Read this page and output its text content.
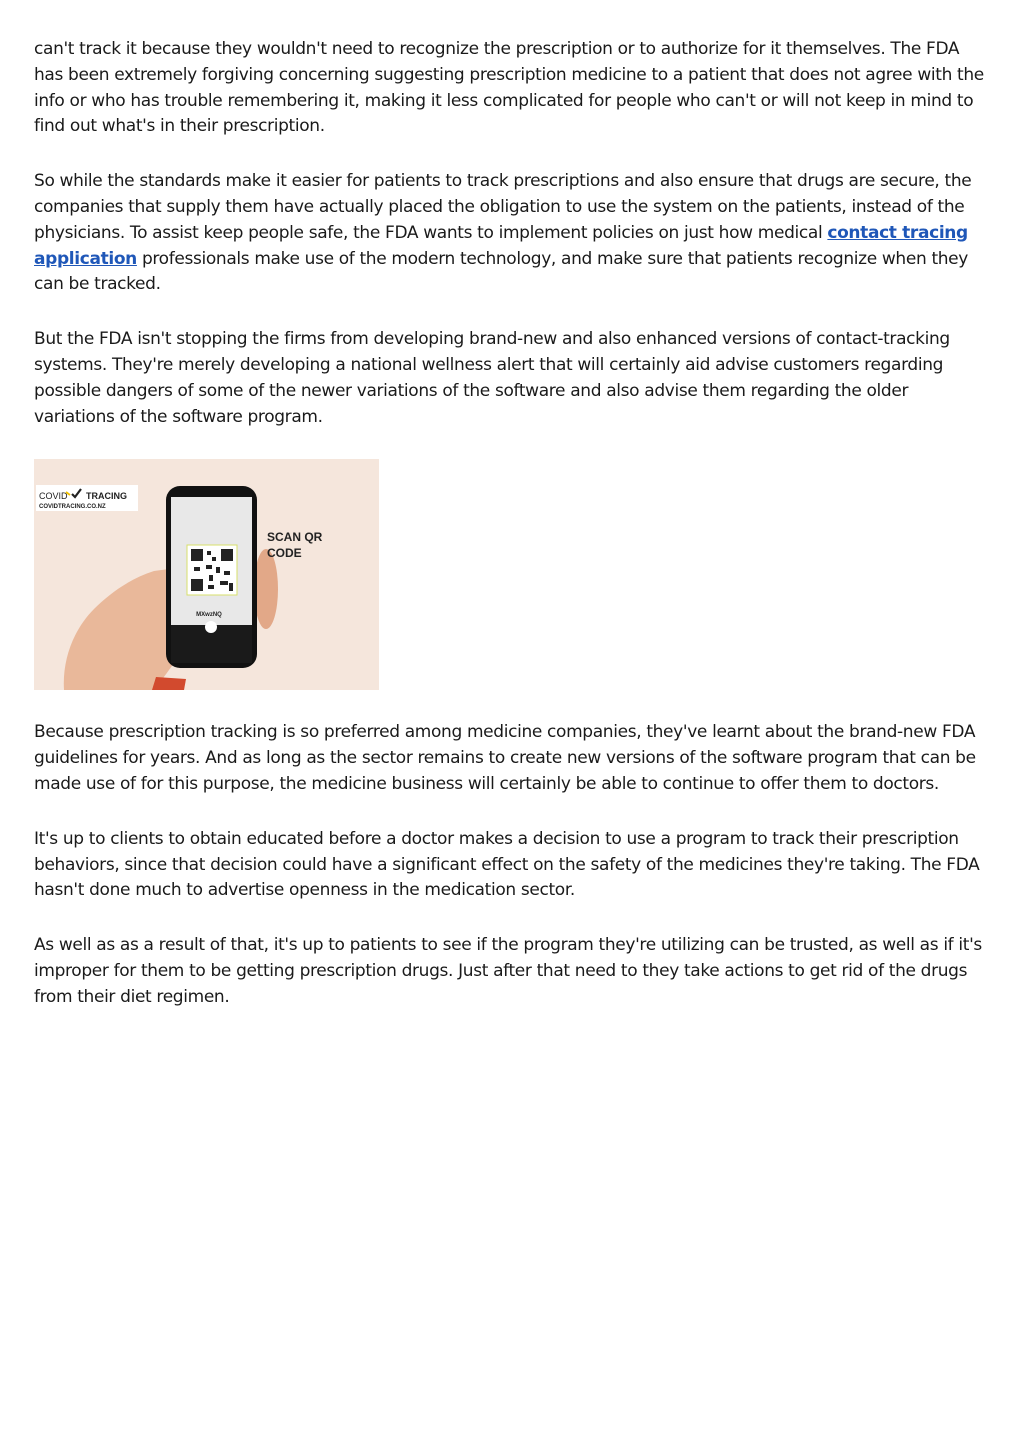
can't track it because they wouldn't need to recognize the prescription or to authorize for it themselves. The FDA has been extremely forgiving concerning suggesting prescription medicine to a patient that does not agree with the info or who has trouble remembering it, making it less complicated for people who can't or will not keep in mind to find out what's in their prescription.

So while the standards make it easier for patients to track prescriptions and also ensure that drugs are secure, the companies that supply them have actually placed the obligation to use the system on the patients, instead of the physicians. To assist keep people safe, the FDA wants to implement policies on just how medical contact tracing application professionals make use of the modern technology, and make sure that patients recognize when they can be tracked.

But the FDA isn't stopping the firms from developing brand-new and also enhanced versions of contact-tracking systems. They're merely developing a national wellness alert that will certainly aid advise customers regarding possible dangers of some of the newer variations of the software and also advise them regarding the older variations of the software program.

COVID TRACING
COVIDTRACING.CO.NZ
MXwzNQ
SCAN QR
CODE

Because prescription tracking is so preferred among medicine companies, they've learnt about the brand-new FDA guidelines for years. And as long as the sector remains to create new versions of the software program that can be made use of for this purpose, the medicine business will certainly be able to continue to offer them to doctors.

It's up to clients to obtain educated before a doctor makes a decision to use a program to track their prescription behaviors, since that decision could have a significant effect on the safety of the medicines they're taking. The FDA hasn't done much to advertise openness in the medication sector.

As well as as a result of that, it's up to patients to see if the program they're utilizing can be trusted, as well as if it's improper for them to be getting prescription drugs. Just after that need to they take actions to get rid of the drugs from their diet regimen.
